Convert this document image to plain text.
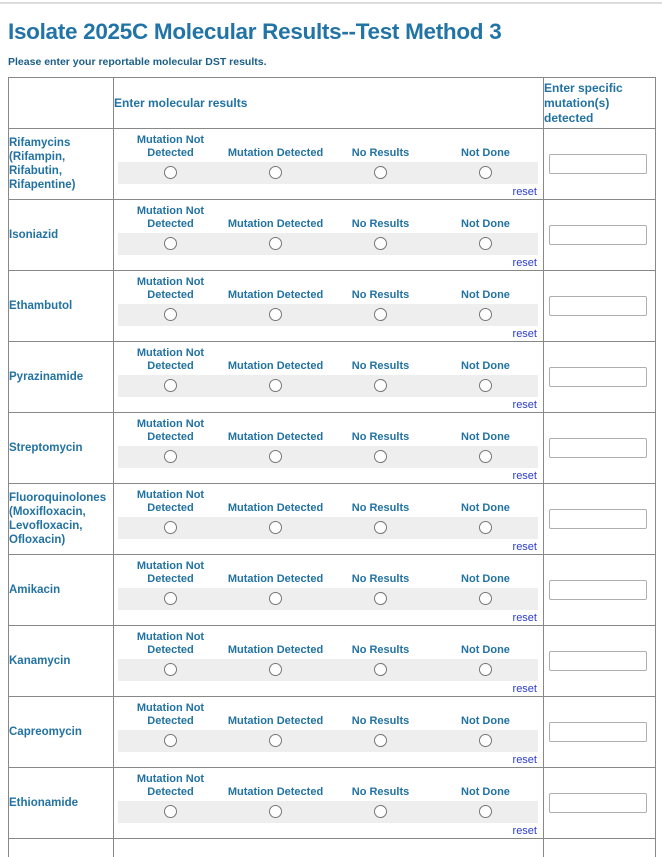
Isolate 2025C Molecular Results--Test Method 3

Please enter your reportable molecular DST results.

	Enter molecular results	Enter specific mutation(s) detected
Rifamycins (Rifampin, Rifabutin, Rifapentine)	Mutation Not Detected Mutation Detected No Results Not Done
reset

Isoniazid	Mutation Not Detected Mutation Detected No Results Not Done
reset

Ethambutol	Mutation Not Detected Mutation Detected No Results Not Done
reset

Pyrazinamide	Mutation Not Detected Mutation Detected No Results Not Done
reset

Streptomycin	Mutation Not Detected Mutation Detected No Results Not Done
reset

Fluoroquinolones (Moxifloxacin, Levofloxacin, Ofloxacin)	Mutation Not Detected Mutation Detected No Results Not Done
reset

Amikacin	Mutation Not Detected Mutation Detected No Results Not Done
reset

Kanamycin	Mutation Not Detected Mutation Detected No Results Not Done
reset

Capreomycin	Mutation Not Detected Mutation Detected No Results Not Done
reset

Ethionamide	Mutation Not Detected Mutation Detected No Results Not Done
reset
